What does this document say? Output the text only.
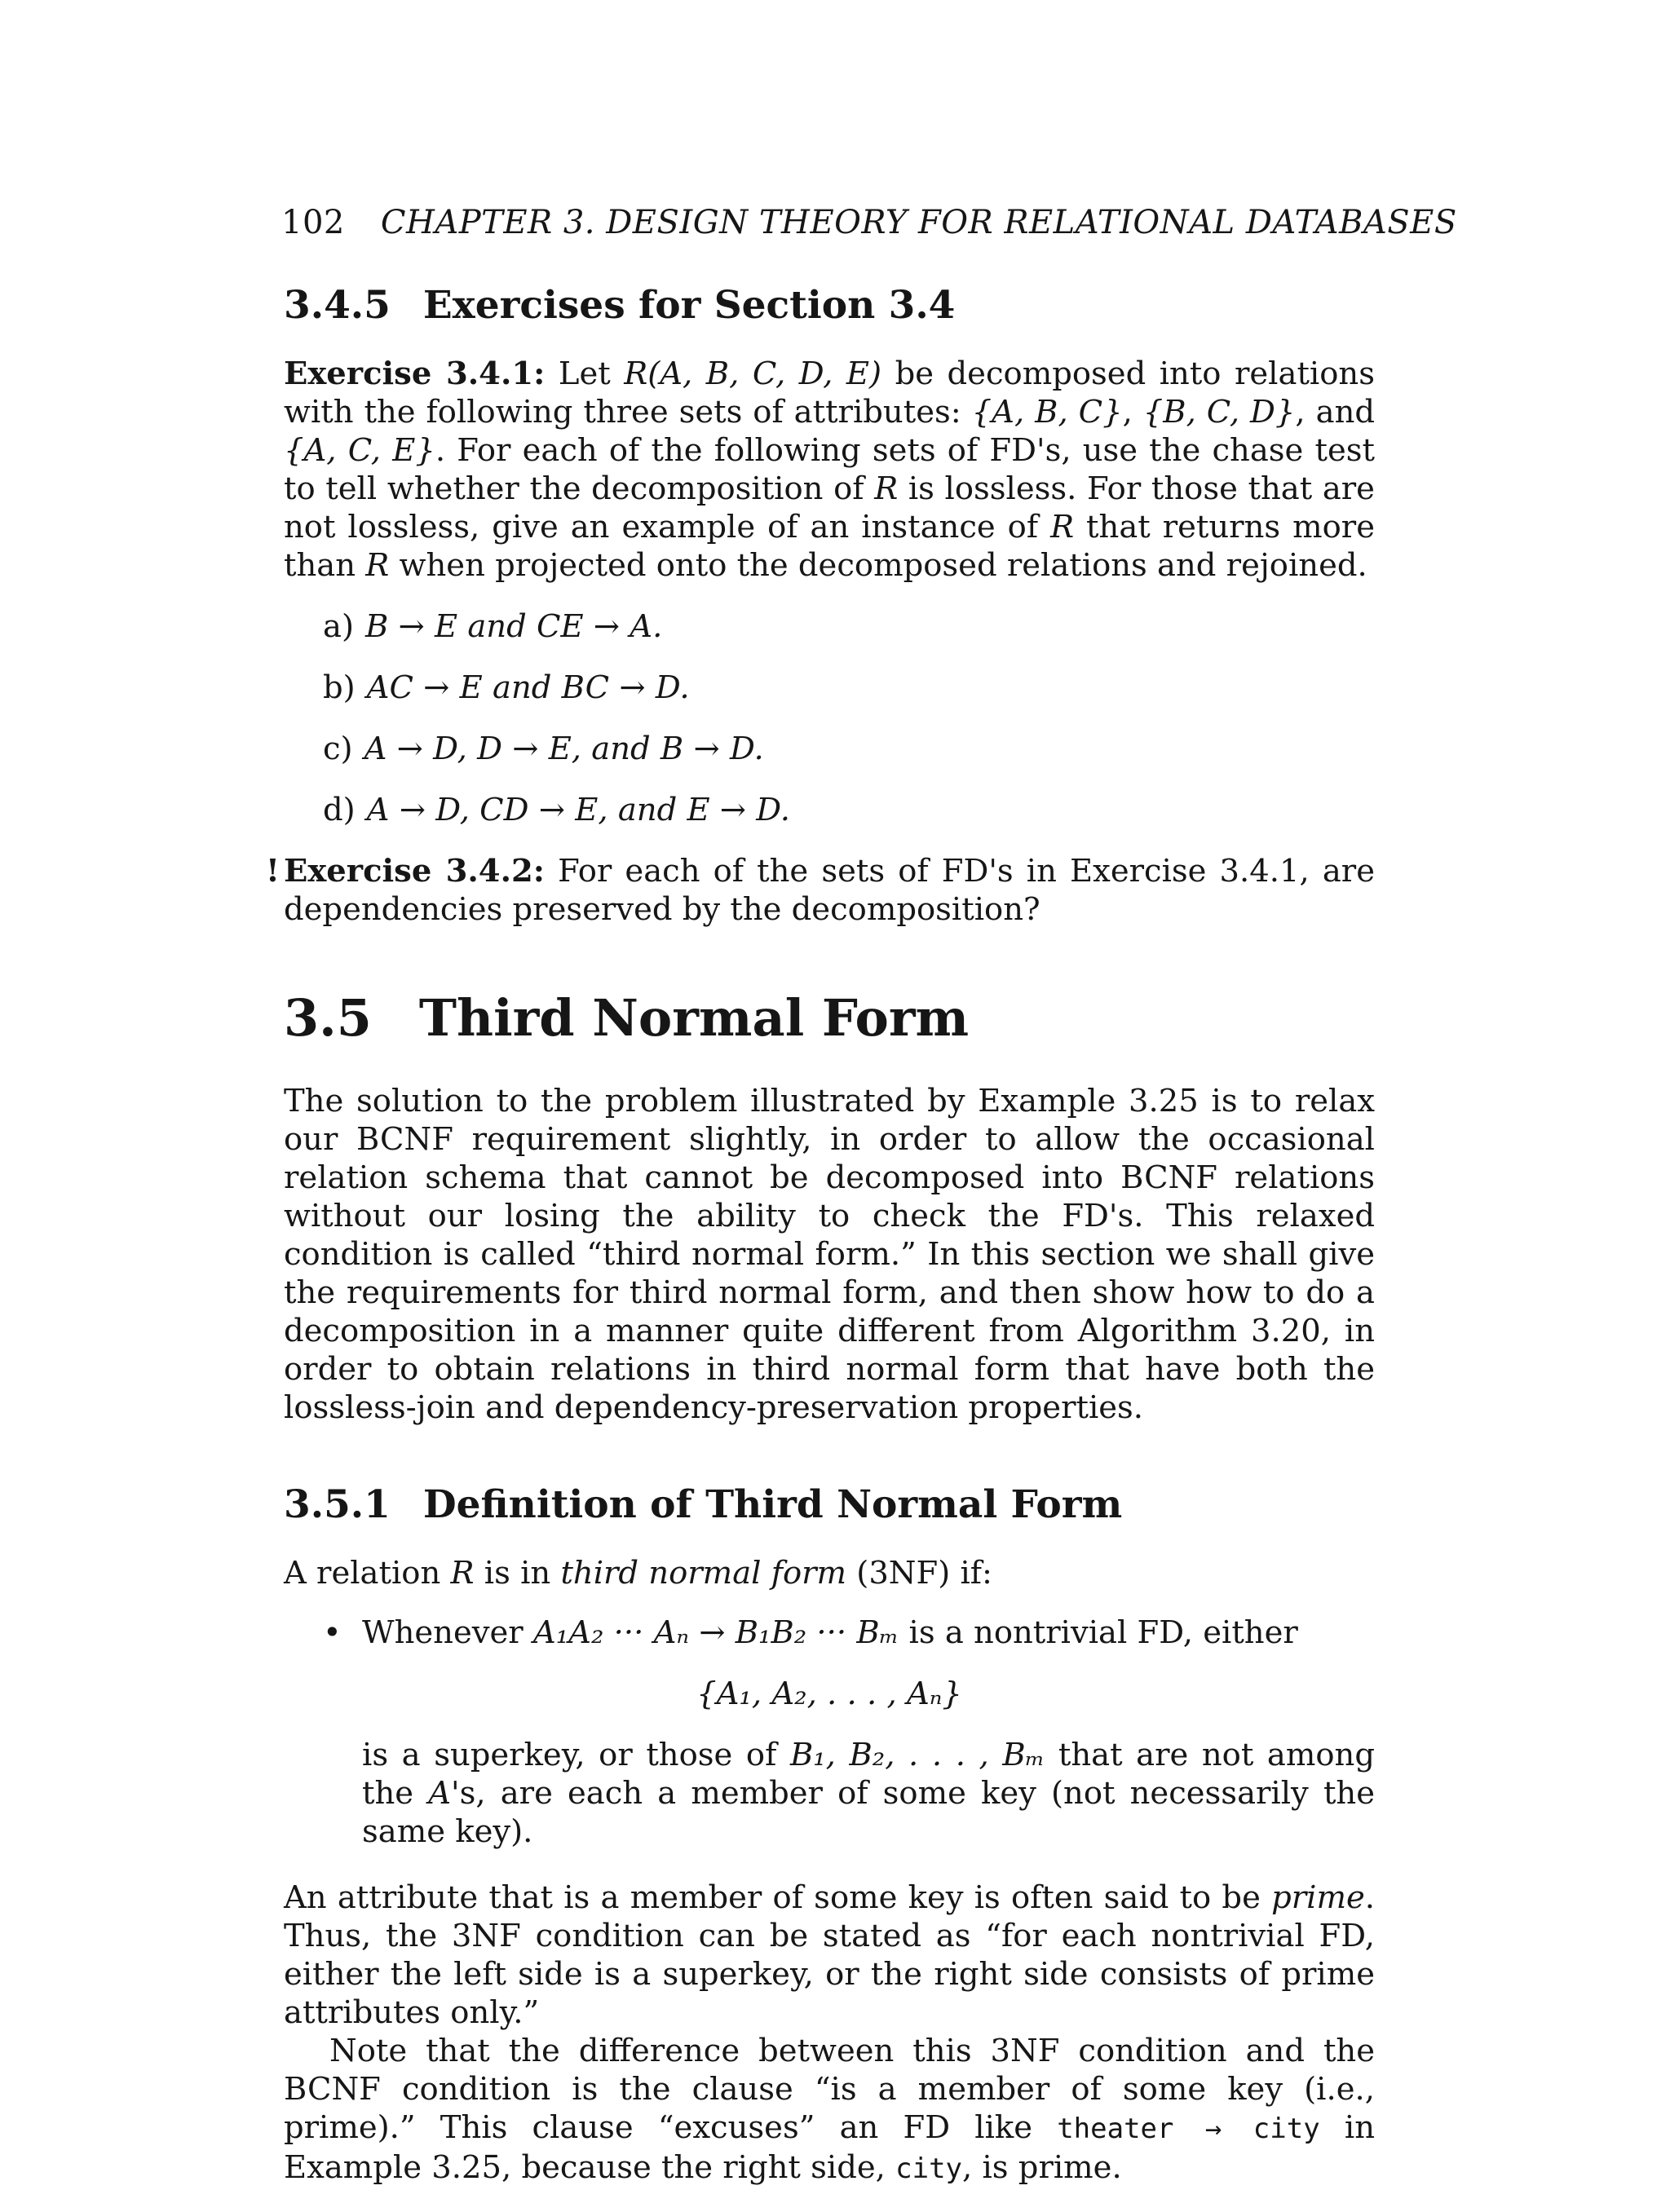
102 CHAPTER 3. DESIGN THEORY FOR RELATIONAL DATABASES
3.4.5 Exercises for Section 3.4

Exercise 3.4.1: Let R(A, B, C, D, E) be decomposed into relations with the following three sets of attributes: {A, B, C}, {B, C, D}, and {A, C, E}. For each of the following sets of FD's, use the chase test to tell whether the decomposition of R is lossless. For those that are not lossless, give an example of an instance of R that returns more than R when projected onto the decomposed relations and rejoined.

a) B → E and CE → A.
b) AC → E and BC → D.
c) A → D, D → E, and B → D.
d) A → D, CD → E, and E → D.

! Exercise 3.4.2: For each of the sets of FD's in Exercise 3.4.1, are dependencies preserved by the decomposition?

3.5 Third Normal Form

The solution to the problem illustrated by Example 3.25 is to relax our BCNF requirement slightly, in order to allow the occasional relation schema that cannot be decomposed into BCNF relations without our losing the ability to check the FD's. This relaxed condition is called “third normal form.” In this section we shall give the requirements for third normal form, and then show how to do a decomposition in a manner quite different from Algorithm 3.20, in order to obtain relations in third normal form that have both the lossless-join and dependency-preservation properties.

3.5.1 Definition of Third Normal Form

A relation R is in third normal form (3NF) if:

• Whenever A₁A₂ ··· Aₙ → B₁B₂ ··· Bₘ is a nontrivial FD, either

{A₁, A₂, . . . , Aₙ}

is a superkey, or those of B₁, B₂, . . . , Bₘ that are not among the A's, are each a member of some key (not necessarily the same key).

An attribute that is a member of some key is often said to be prime. Thus, the 3NF condition can be stated as “for each nontrivial FD, either the left side is a superkey, or the right side consists of prime attributes only.”

Note that the difference between this 3NF condition and the BCNF condition is the clause “is a member of some key (i.e., prime).” This clause “excuses” an FD like theater → city in Example 3.25, because the right side, city, is prime.
